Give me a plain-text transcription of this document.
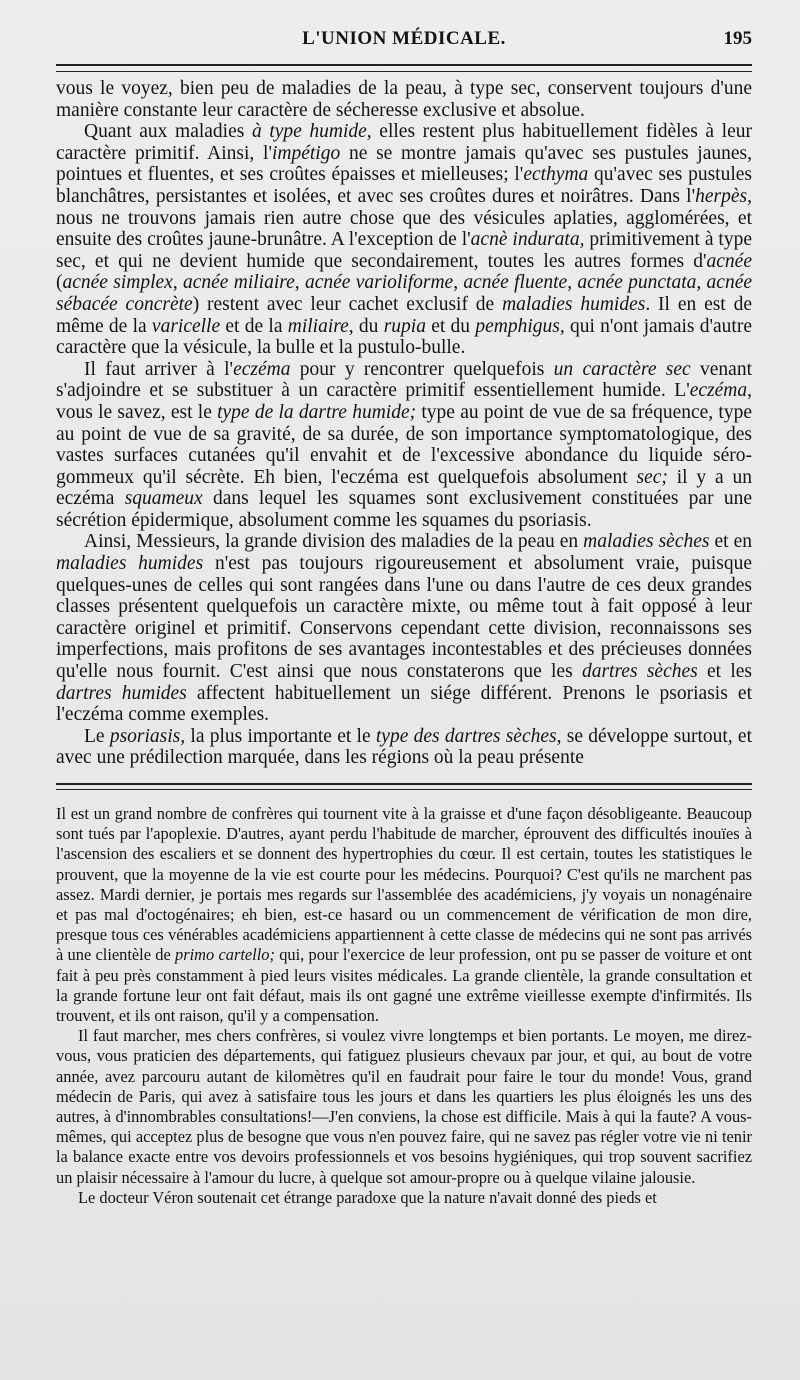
L'UNION MÉDICALE.	195

vous le voyez, bien peu de maladies de la peau, à type sec, conservent toujours d'une manière constante leur caractère de sécheresse exclusive et absolue.

Quant aux maladies à type humide, elles restent plus habituellement fidèles à leur caractère primitif. Ainsi, l'impétigo ne se montre jamais qu'avec ses pustules jaunes, pointues et fluentes, et ses croûtes épaisses et mielleuses; l'ecthyma qu'avec ses pustules blanchâtres, persistantes et isolées, et avec ses croûtes dures et noirâtres. Dans l'herpès, nous ne trouvons jamais rien autre chose que des vésicules aplaties, agglomérées, et ensuite des croûtes jaune-brunâtre. A l'exception de l'acnè indurata, primitivement à type sec, et qui ne devient humide que secondairement, toutes les autres formes d'acnée (acnée simplex, acnée miliaire, acnée varioliforme, acnée fluente, acnée punctata, acnée sébacée concrète) restent avec leur cachet exclusif de maladies humides. Il en est de même de la varicelle et de la miliaire, du rupia et du pemphigus, qui n'ont jamais d'autre caractère que la vésicule, la bulle et la pustulo-bulle.

Il faut arriver à l'eczéma pour y rencontrer quelquefois un caractère sec venant s'adjoindre et se substituer à un caractère primitif essentiellement humide. L'eczéma, vous le savez, est le type de la dartre humide; type au point de vue de sa fréquence, type au point de vue de sa gravité, de sa durée, de son importance symptomatologique, des vastes surfaces cutanées qu'il envahit et de l'excessive abondance du liquide séro-gommeux qu'il sécrète. Eh bien, l'eczéma est quelquefois absolument sec; il y a un eczéma squameux dans lequel les squames sont exclusivement constituées par une sécrétion épidermique, absolument comme les squames du psoriasis.

Ainsi, Messieurs, la grande division des maladies de la peau en maladies sèches et en maladies humides n'est pas toujours rigoureusement et absolument vraie, puisque quelques-unes de celles qui sont rangées dans l'une ou dans l'autre de ces deux grandes classes présentent quelquefois un caractère mixte, ou même tout à fait opposé à leur caractère originel et primitif. Conservons cependant cette division, reconnaissons ses imperfections, mais profitons de ses avantages incontestables et des précieuses données qu'elle nous fournit. C'est ainsi que nous constaterons que les dartres sèches et les dartres humides affectent habituellement un siége différent. Prenons le psoriasis et l'eczéma comme exemples.

Le psoriasis, la plus importante et le type des dartres sèches, se développe surtout, et avec une prédilection marquée, dans les régions où la peau présente

Il est un grand nombre de confrères qui tournent vite à la graisse et d'une façon désobligeante. Beaucoup sont tués par l'apoplexie. D'autres, ayant perdu l'habitude de marcher, éprouvent des difficultés inouïes à l'ascension des escaliers et se donnent des hypertrophies du cœur. Il est certain, toutes les statistiques le prouvent, que la moyenne de la vie est courte pour les médecins. Pourquoi? C'est qu'ils ne marchent pas assez. Mardi dernier, je portais mes regards sur l'assemblée des académiciens, j'y voyais un nonagénaire et pas mal d'octogénaires; eh bien, est-ce hasard ou un commencement de vérification de mon dire, presque tous ces vénérables académiciens appartiennent à cette classe de médecins qui ne sont pas arrivés à une clientèle de primo cartello; qui, pour l'exercice de leur profession, ont pu se passer de voiture et ont fait à peu près constamment à pied leurs visites médicales. La grande clientèle, la grande consultation et la grande fortune leur ont fait défaut, mais ils ont gagné une extrême vieillesse exempte d'infirmités. Ils trouvent, et ils ont raison, qu'il y a compensation.

Il faut marcher, mes chers confrères, si voulez vivre longtemps et bien portants. Le moyen, me direz-vous, vous praticien des départements, qui fatiguez plusieurs chevaux par jour, et qui, au bout de votre année, avez parcouru autant de kilomètres qu'il en faudrait pour faire le tour du monde! Vous, grand médecin de Paris, qui avez à satisfaire tous les jours et dans les quartiers les plus éloignés les uns des autres, à d'innombrables consultations!—J'en conviens, la chose est difficile. Mais à qui la faute? A vous-mêmes, qui acceptez plus de besogne que vous n'en pouvez faire, qui ne savez pas régler votre vie ni tenir la balance exacte entre vos devoirs professionnels et vos besoins hygiéniques, qui trop souvent sacrifiez un plaisir nécessaire à l'amour du lucre, à quelque sot amour-propre ou à quelque vilaine jalousie.

Le docteur Véron soutenait cet étrange paradoxe que la nature n'avait donné des pieds et
